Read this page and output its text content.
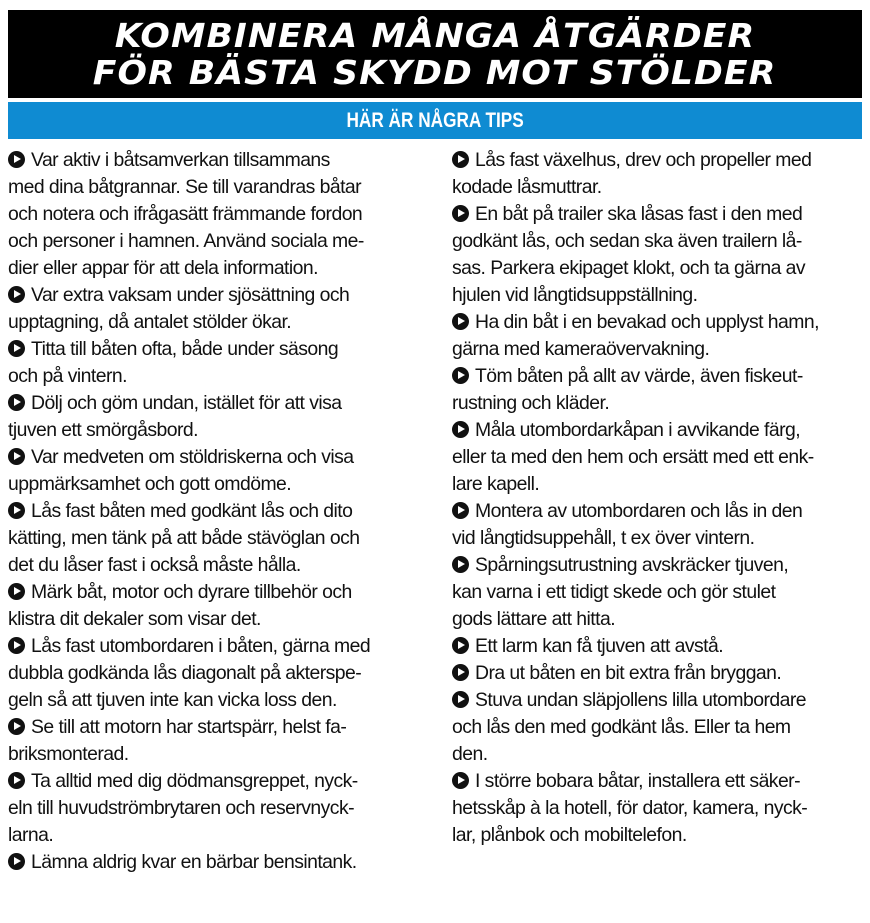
KOMBINERA MÅNGA ÅTGÄRDER
FÖR BÄSTA SKYDD MOT STÖLDER
HÄR ÄR NÅGRA TIPS
Var aktiv i båtsamverkan tillsammans
med dina båtgrannar. Se till varandras båtar
och notera och ifrågasätt främmande fordon
och personer i hamnen. Använd sociala me-
dier eller appar för att dela information.
Var extra vaksam under sjösättning och
upptagning, då antalet stölder ökar.
Titta till båten ofta, både under säsong
och på vintern.
Dölj och göm undan, istället för att visa
tjuven ett smörgåsbord.
Var medveten om stöldriskerna och visa
uppmärksamhet och gott omdöme.
Lås fast båten med godkänt lås och dito
kätting, men tänk på att både stävöglan och
det du låser fast i också måste hålla.
Märk båt, motor och dyrare tillbehör och
klistra dit dekaler som visar det.
Lås fast utombordaren i båten, gärna med
dubbla godkända lås diagonalt på akterspe-
geln så att tjuven inte kan vicka loss den.
Se till att motorn har startspärr, helst fa-
briksmonterad.
Ta alltid med dig dödmansgreppet, nyck-
eln till huvudströmbrytaren och reservnyck-
larna.
Lämna aldrig kvar en bärbar bensintank.
Lås fast växelhus, drev och propeller med
kodade låsmuttrar.
En båt på trailer ska låsas fast i den med
godkänt lås, och sedan ska även trailern lå-
sas. Parkera ekipaget klokt, och ta gärna av
hjulen vid långtidsuppställning.
Ha din båt i en bevakad och upplyst hamn,
gärna med kameraövervakning.
Töm båten på allt av värde, även fiskeut-
rustning och kläder.
Måla utombordarkåpan i avvikande färg,
eller ta med den hem och ersätt med ett enk-
lare kapell.
Montera av utombordaren och lås in den
vid långtidsuppehåll, t ex över vintern.
Spårningsutrustning avskräcker tjuven,
kan varna i ett tidigt skede och gör stulet
gods lättare att hitta.
Ett larm kan få tjuven att avstå.
Dra ut båten en bit extra från bryggan.
Stuva undan släpjollens lilla utombordare
och lås den med godkänt lås. Eller ta hem
den.
I större bobara båtar, installera ett säker-
hetsskåp à la hotell, för dator, kamera, nyck-
lar, plånbok och mobiltelefon.
